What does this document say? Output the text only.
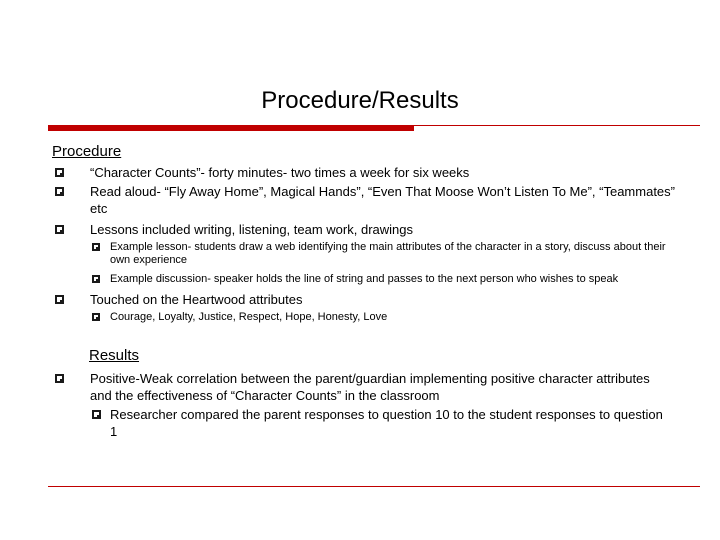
Procedure/Results
Procedure
“Character Counts”- forty minutes- two times a week for six weeks
Read aloud- “Fly Away Home”, Magical Hands”, “Even That Moose Won’t Listen To Me”, “Teammates” etc
Lessons included writing, listening, team work, drawings
Example lesson- students draw a web identifying the main attributes of the character in a story, discuss about their own experience
Example discussion- speaker holds the line of string and passes to the next person who wishes to speak
Touched on the Heartwood attributes
Courage, Loyalty, Justice, Respect, Hope, Honesty, Love
Results
Positive-Weak correlation between the parent/guardian implementing positive character attributes and the effectiveness of “Character Counts” in the classroom
Researcher compared the parent responses to question 10 to the student responses to question 1
